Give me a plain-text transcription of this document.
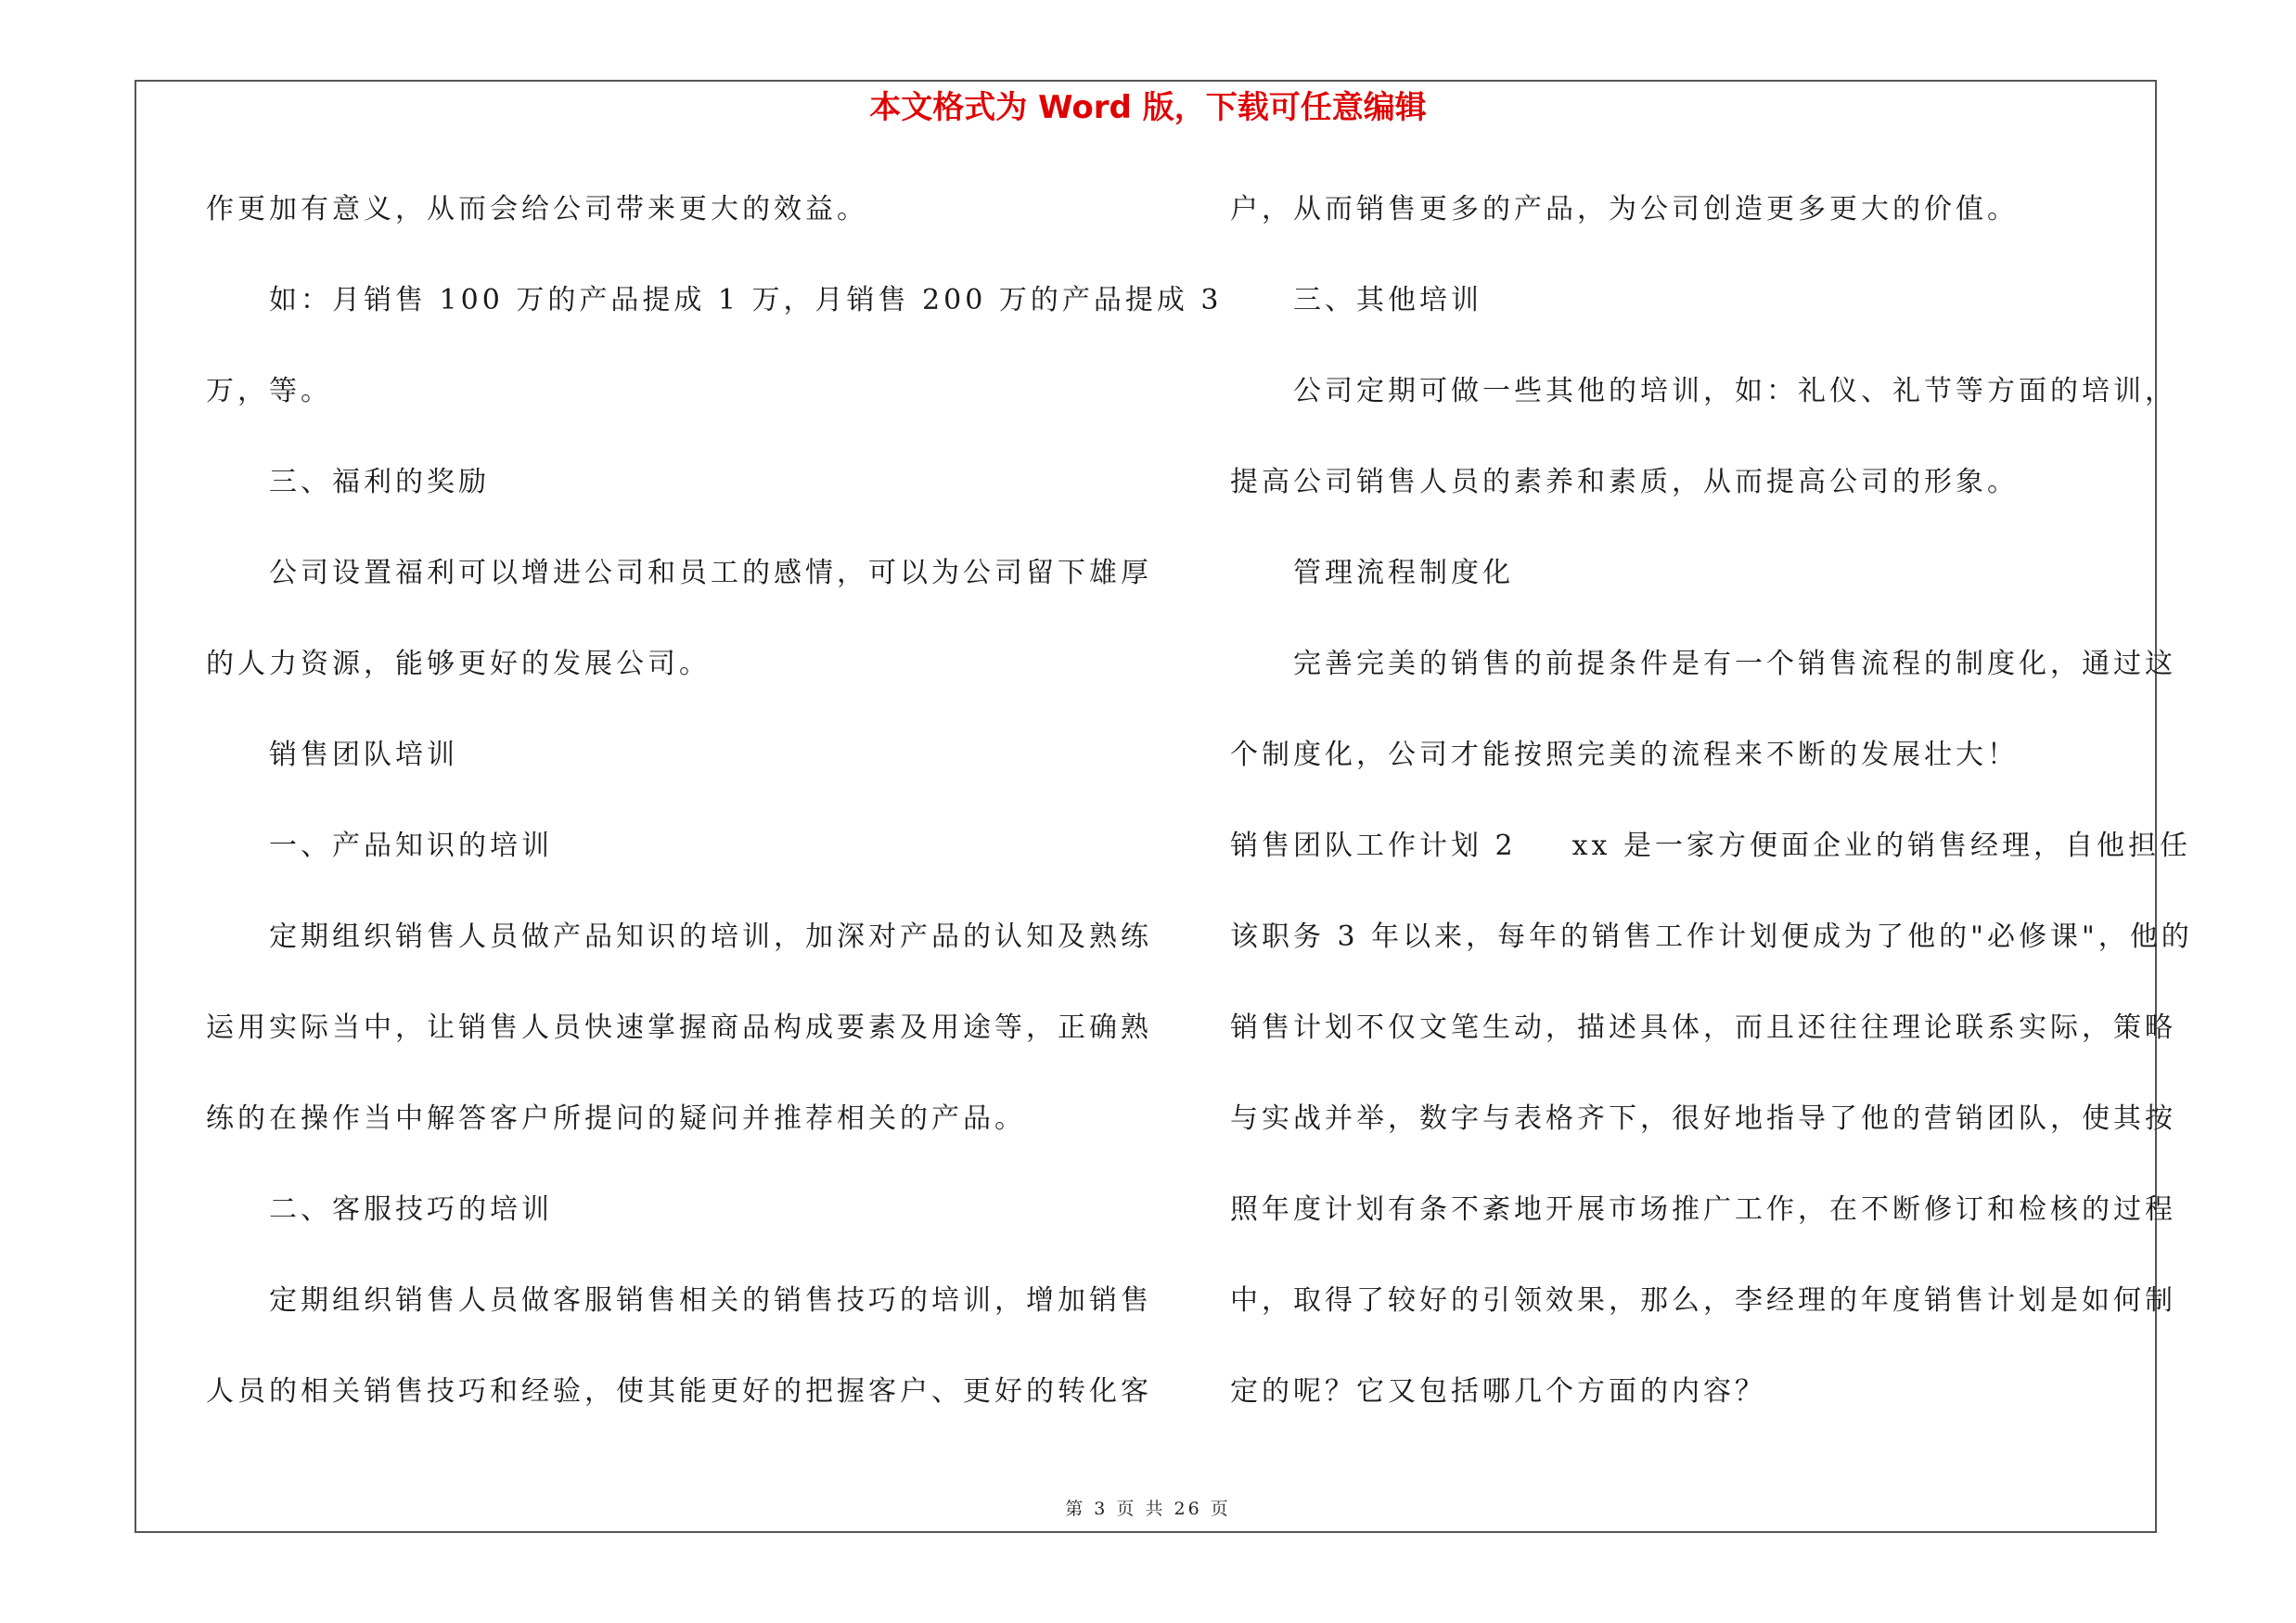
本文格式为 Word 版，下载可任意编辑
作更加有意义，从而会给公司带来更大的效益。
如：月销售 100 万的产品提成 1 万，月销售 200 万的产品提成 3
万，等。
三、福利的奖励
公司设置福利可以增进公司和员工的感情，可以为公司留下雄厚
的人力资源，能够更好的发展公司。
销售团队培训
一、产品知识的培训
定期组织销售人员做产品知识的培训，加深对产品的认知及熟练
运用实际当中，让销售人员快速掌握商品构成要素及用途等，正确熟
练的在操作当中解答客户所提问的疑问并推荐相关的产品。
二、客服技巧的培训
定期组织销售人员做客服销售相关的销售技巧的培训，增加销售
人员的相关销售技巧和经验，使其能更好的把握客户、更好的转化客
户，从而销售更多的产品，为公司创造更多更大的价值。
三、其他培训
公司定期可做一些其他的培训，如：礼仪、礼节等方面的培训，
提高公司销售人员的素养和素质，从而提高公司的形象。
管理流程制度化
完善完美的销售的前提条件是有一个销售流程的制度化，通过这
个制度化，公司才能按照完美的流程来不断的发展壮大！
销售团队工作计划 2 xx 是一家方便面企业的销售经理，自他担任
该职务 3 年以来，每年的销售工作计划便成为了他的"必修课"，他的
销售计划不仅文笔生动，描述具体，而且还往往理论联系实际，策略
与实战并举，数字与表格齐下，很好地指导了他的营销团队，使其按
照年度计划有条不紊地开展市场推广工作，在不断修订和检核的过程
中，取得了较好的引领效果，那么，李经理的年度销售计划是如何制
定的呢？它又包括哪几个方面的内容？
第 3 页 共 26 页
